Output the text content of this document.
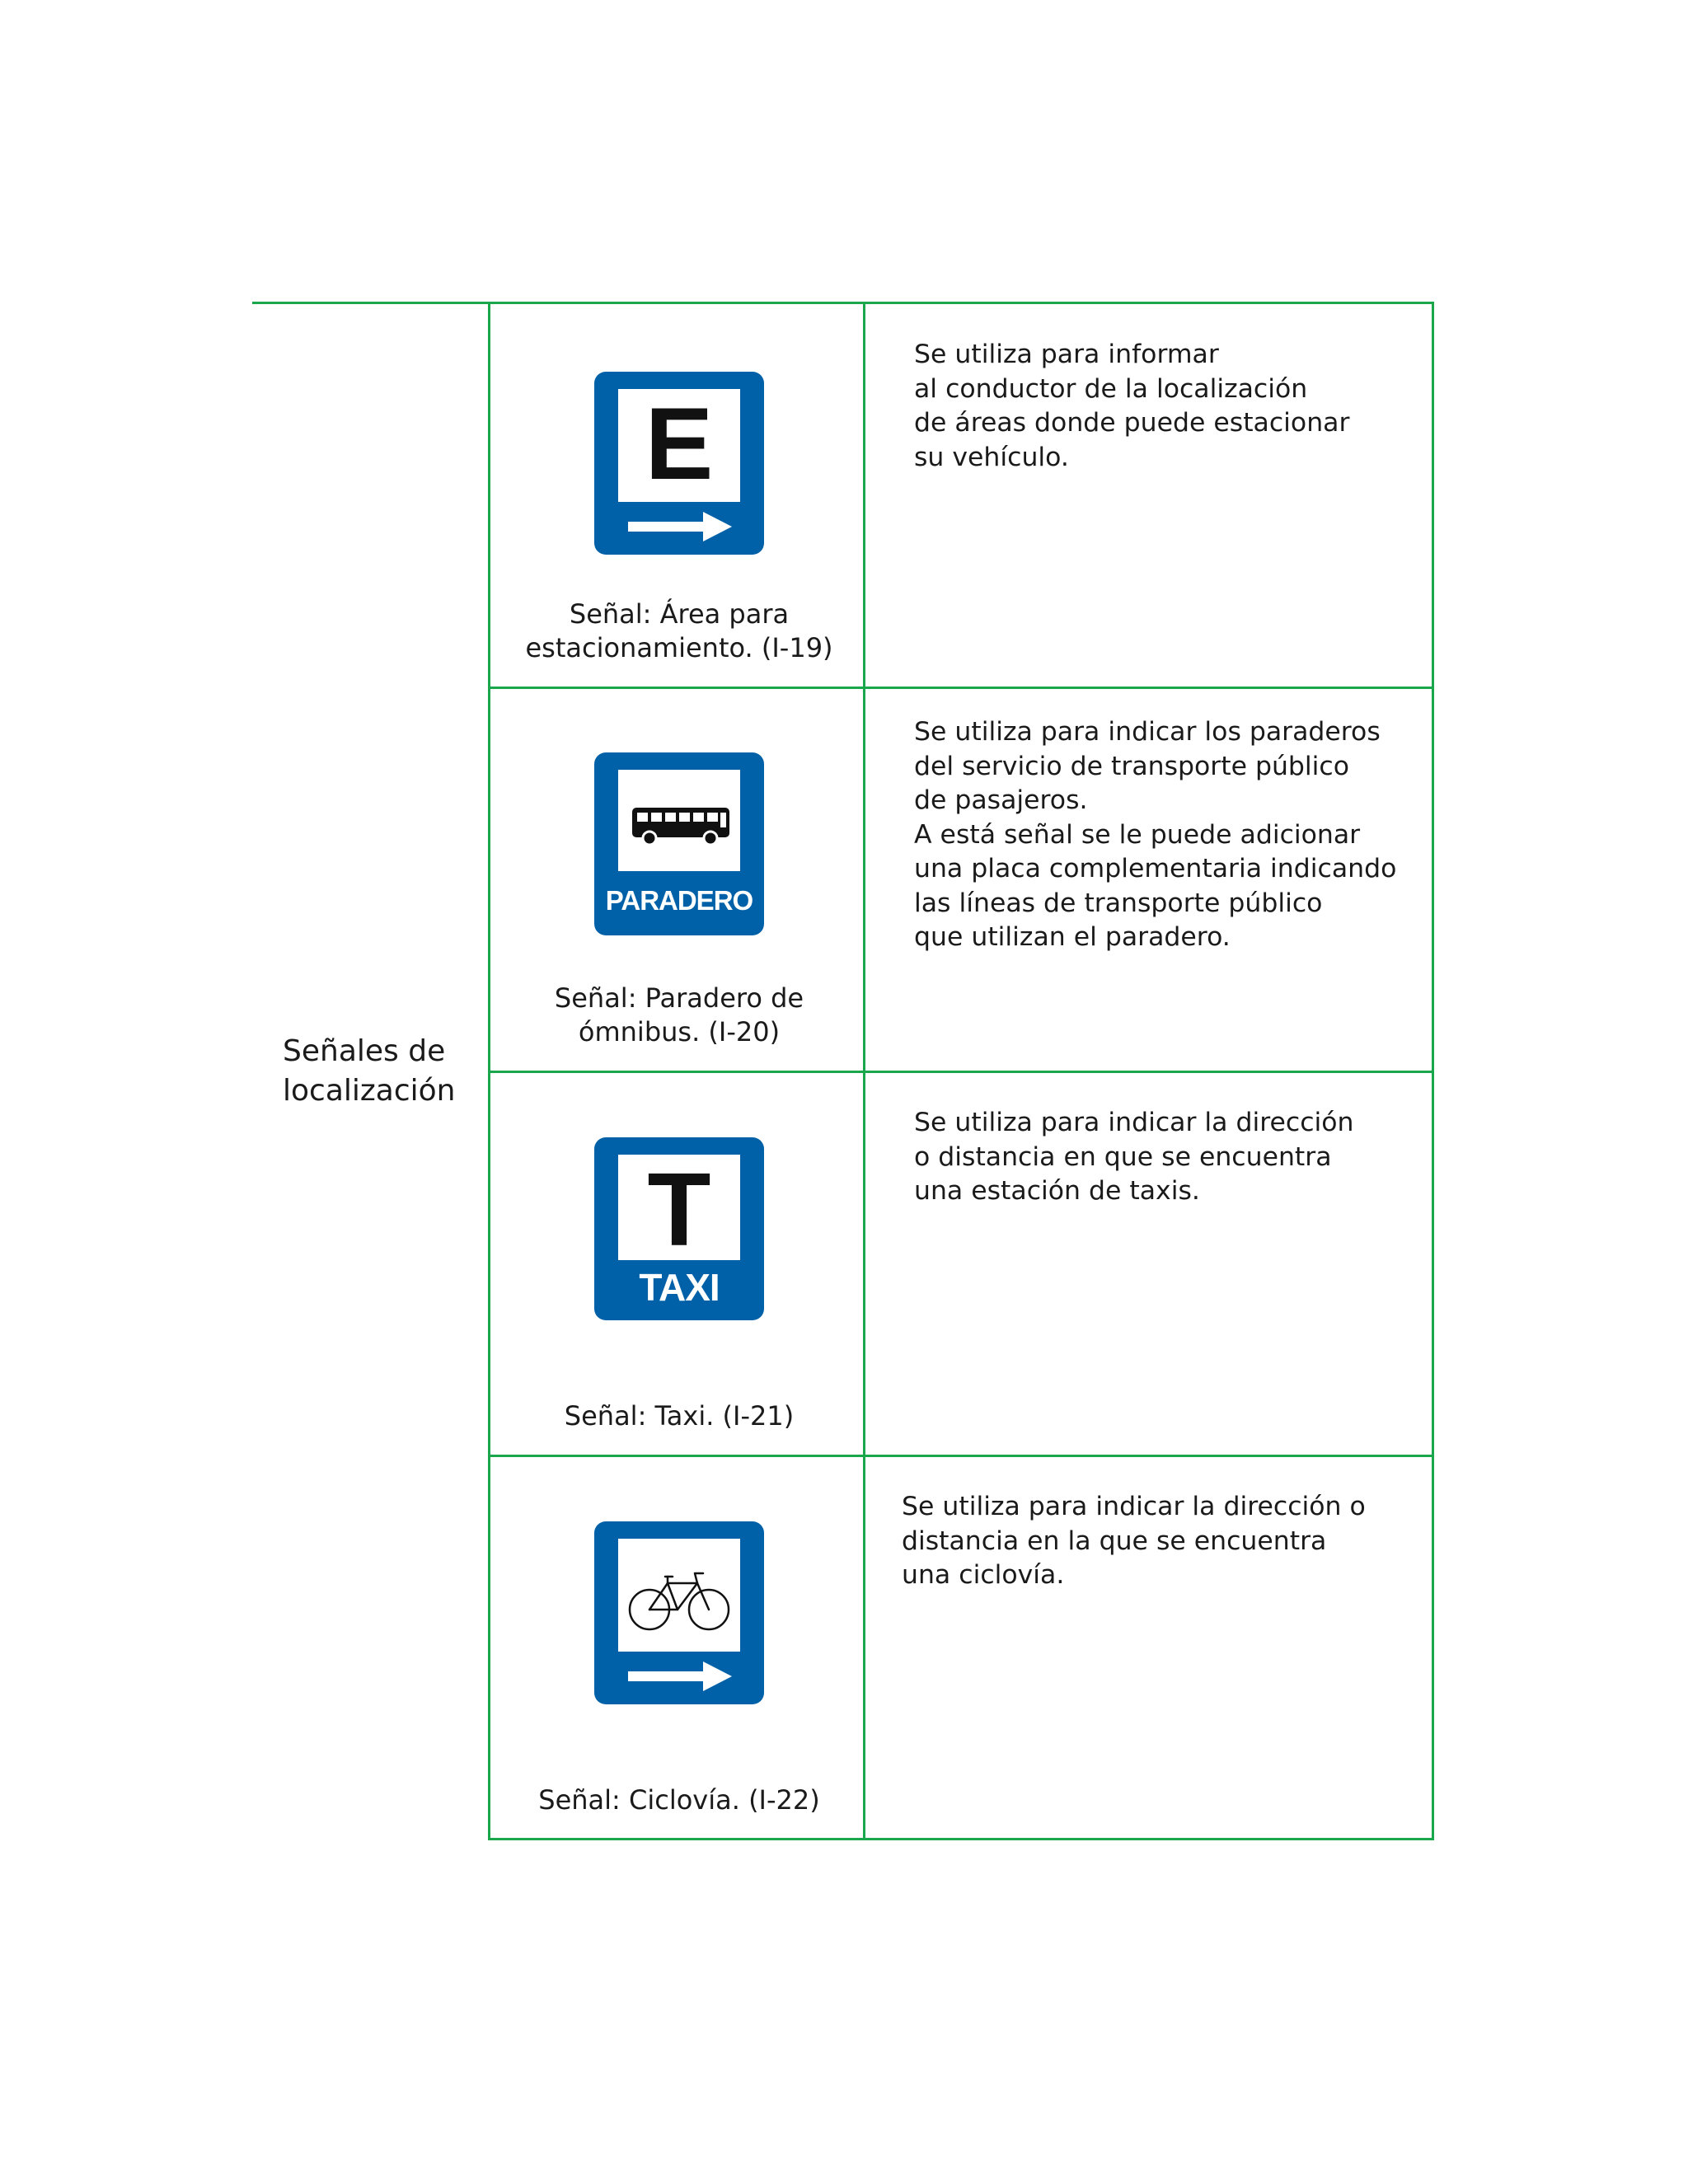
Señales de
localización
E
Señal: Área para
estacionamiento. (I-19)
Se utiliza para informar
al conductor de la localización
de áreas donde puede estacionar
su vehículo.
PARADERO
Señal: Paradero de
ómnibus. (I-20)
Se utiliza para indicar los paraderos
del servicio de transporte público
de pasajeros.
A está señal se le puede adicionar
una placa complementaria indicando
las líneas de transporte público
que utilizan el paradero.
T
TAXI
Señal: Taxi. (I-21)
Se utiliza para indicar la dirección
o distancia en que se encuentra
una estación de taxis.
Señal: Ciclovía. (I-22)
Se utiliza para indicar la dirección o
distancia en la que se encuentra
una ciclovía.
